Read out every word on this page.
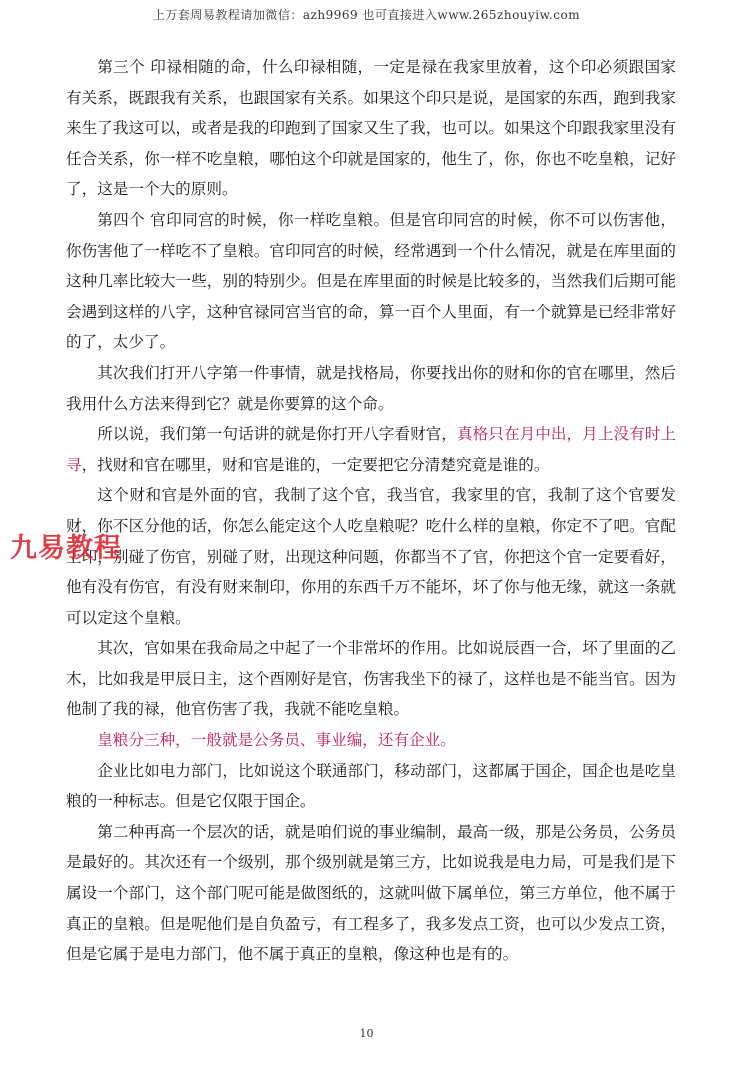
上万套周易教程请加微信：azh9969 也可直接进入www.265zhouyiw.com

第三个 印禄相随的命，什么印禄相随，一定是禄在我家里放着，这个印必须跟国家有关系，既跟我有关系，也跟国家有关系。如果这个印只是说，是国家的东西，跑到我家来生了我这可以，或者是我的印跑到了国家又生了我，也可以。如果这个印跟我家里没有任合关系，你一样不吃皇粮，哪怕这个印就是国家的，他生了，你，你也不吃皇粮，记好了，这是一个大的原则。

第四个 官印同宫的时候，你一样吃皇粮。但是官印同宫的时候，你不可以伤害他，你伤害他了一样吃不了皇粮。官印同宫的时候，经常遇到一个什么情况，就是在库里面的这种几率比较大一些，别的特别少。但是在库里面的时候是比较多的，当然我们后期可能会遇到这样的八字，这种官禄同宫当官的命，算一百个人里面，有一个就算是已经非常好的了，太少了。

其次我们打开八字第一件事情，就是找格局，你要找出你的财和你的官在哪里，然后我用什么方法来得到它？就是你要算的这个命。

所以说，我们第一句话讲的就是你打开八字看财官，真格只在月中出，月上没有时上寻，找财和官在哪里，财和官是谁的，一定要把它分清楚究竟是谁的。

这个财和官是外面的官，我制了这个官，我当官，我家里的官，我制了这个官要发财，你不区分他的话，你怎么能定这个人吃皇粮呢？吃什么样的皇粮，你定不了吧。官配上印，别碰了伤官，别碰了财，出现这种问题，你都当不了官，你把这个官一定要看好，他有没有伤官，有没有财来制印，你用的东西千万不能坏，坏了你与他无缘，就这一条就可以定这个皇粮。

其次，官如果在我命局之中起了一个非常坏的作用。比如说辰酉一合，坏了里面的乙木，比如我是甲辰日主，这个酉刚好是官，伤害我坐下的禄了，这样也是不能当官。因为他制了我的禄，他官伤害了我，我就不能吃皇粮。

皇粮分三种，一般就是公务员、事业编，还有企业。

企业比如电力部门，比如说这个联通部门，移动部门，这都属于国企，国企也是吃皇粮的一种标志。但是它仅限于国企。

第二种再高一个层次的话，就是咱们说的事业编制，最高一级，那是公务员，公务员是最好的。其次还有一个级别，那个级别就是第三方，比如说我是电力局，可是我们是下属设一个部门，这个部门呢可能是做图纸的，这就叫做下属单位，第三方单位，他不属于真正的皇粮。但是呢他们是自负盈亏，有工程多了，我多发点工资，也可以少发点工资，但是它属于是电力部门，他不属于真正的皇粮，像这种也是有的。

九易教程
10
